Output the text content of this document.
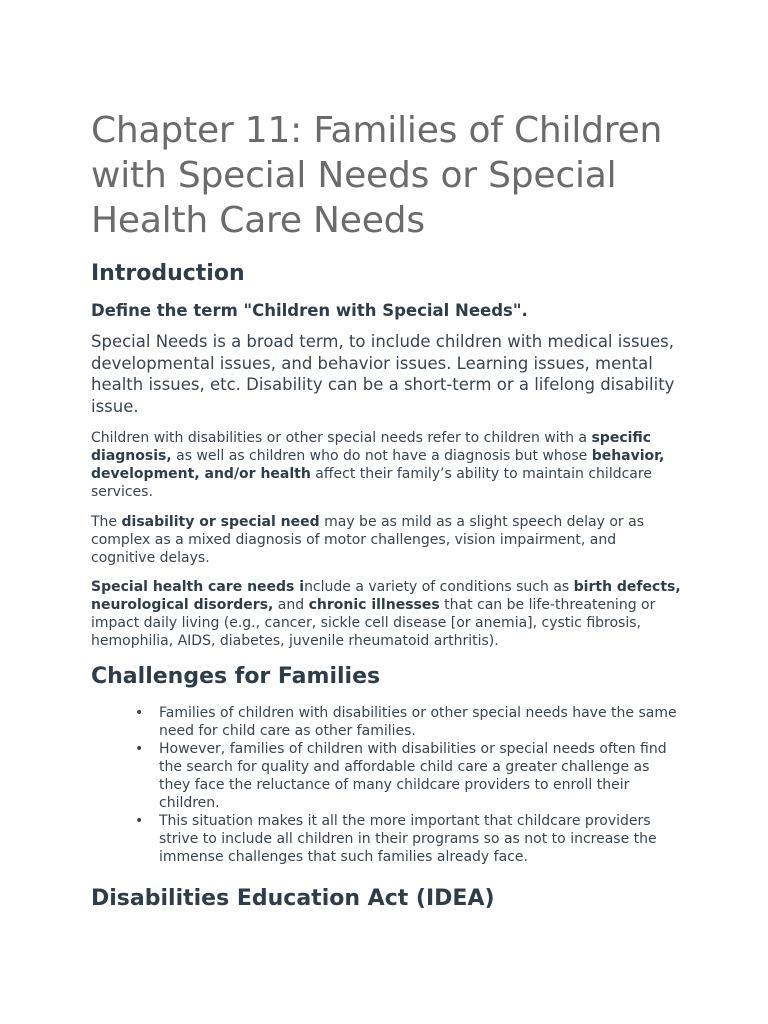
Chapter 11: Families of Children with Special Needs or Special Health Care Needs
Introduction
Define the term "Children with Special Needs".

Special Needs is a broad term, to include children with medical issues, developmental issues, and behavior issues. Learning issues, mental health issues, etc. Disability can be a short-term or a lifelong disability issue.

Children with disabilities or other special needs refer to children with a specific diagnosis, as well as children who do not have a diagnosis but whose behavior, development, and/or health affect their family’s ability to maintain childcare services.

The disability or special need may be as mild as a slight speech delay or as complex as a mixed diagnosis of motor challenges, vision impairment, and cognitive delays.

Special health care needs include a variety of conditions such as birth defects, neurological disorders, and chronic illnesses that can be life-threatening or impact daily living (e.g., cancer, sickle cell disease [or anemia], cystic fibrosis, hemophilia, AIDS, diabetes, juvenile rheumatoid arthritis).

Challenges for Families
• Families of children with disabilities or other special needs have the same need for child care as other families.
• However, families of children with disabilities or special needs often find the search for quality and affordable child care a greater challenge as they face the reluctance of many childcare providers to enroll their children.
• This situation makes it all the more important that childcare providers strive to include all children in their programs so as not to increase the immense challenges that such families already face.
Disabilities Education Act (IDEA)
